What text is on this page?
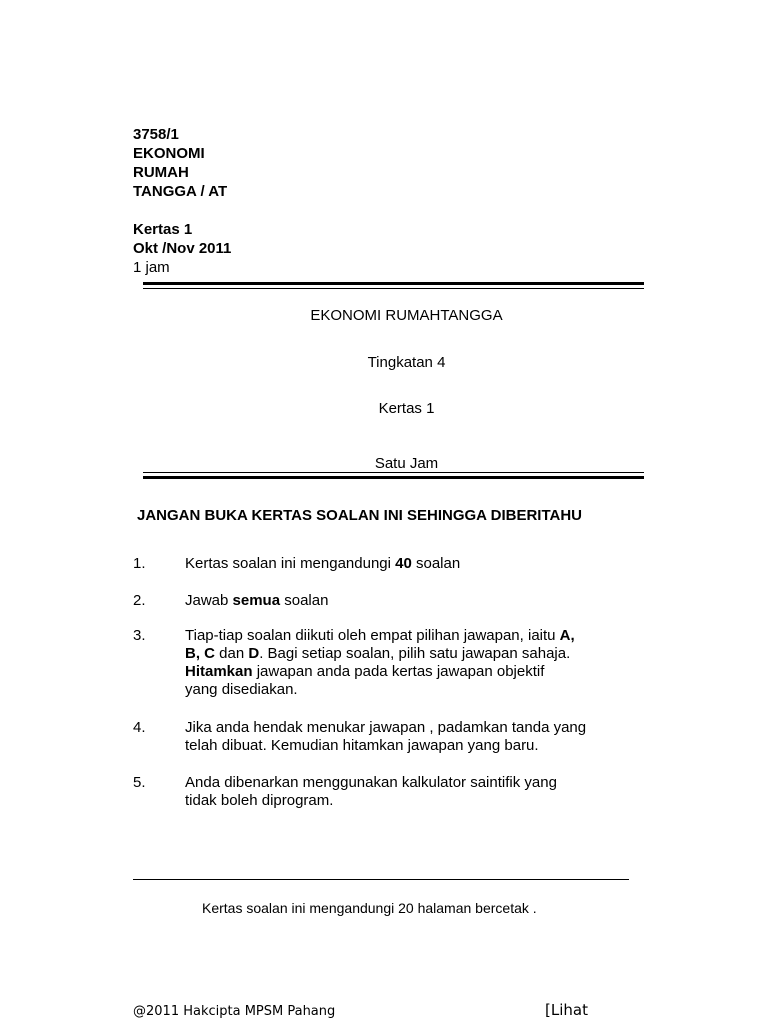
3758/1
EKONOMI
RUMAH
TANGGA / AT
Kertas 1
Okt /Nov 2011
1 jam
EKONOMI RUMAHTANGGA
Tingkatan 4
Kertas 1
Satu Jam
JANGAN BUKA KERTAS SOALAN INI SEHINGGA DIBERITAHU
1.	Kertas soalan ini mengandungi 40 soalan
2.	Jawab semua soalan
3.	Tiap-tiap soalan diikuti oleh empat pilihan jawapan, iaitu A,
B, C dan D. Bagi setiap soalan, pilih satu jawapan sahaja.
Hitamkan jawapan anda pada kertas jawapan objektif
yang disediakan.
4.	Jika anda hendak menukar jawapan , padamkan tanda yang
telah dibuat. Kemudian hitamkan jawapan yang baru.
5.	Anda dibenarkan menggunakan kalkulator saintifik yang
tidak boleh diprogram.
Kertas soalan ini mengandungi 20 halaman bercetak .
@2011 Hakcipta MPSM Pahang	[Lihat
